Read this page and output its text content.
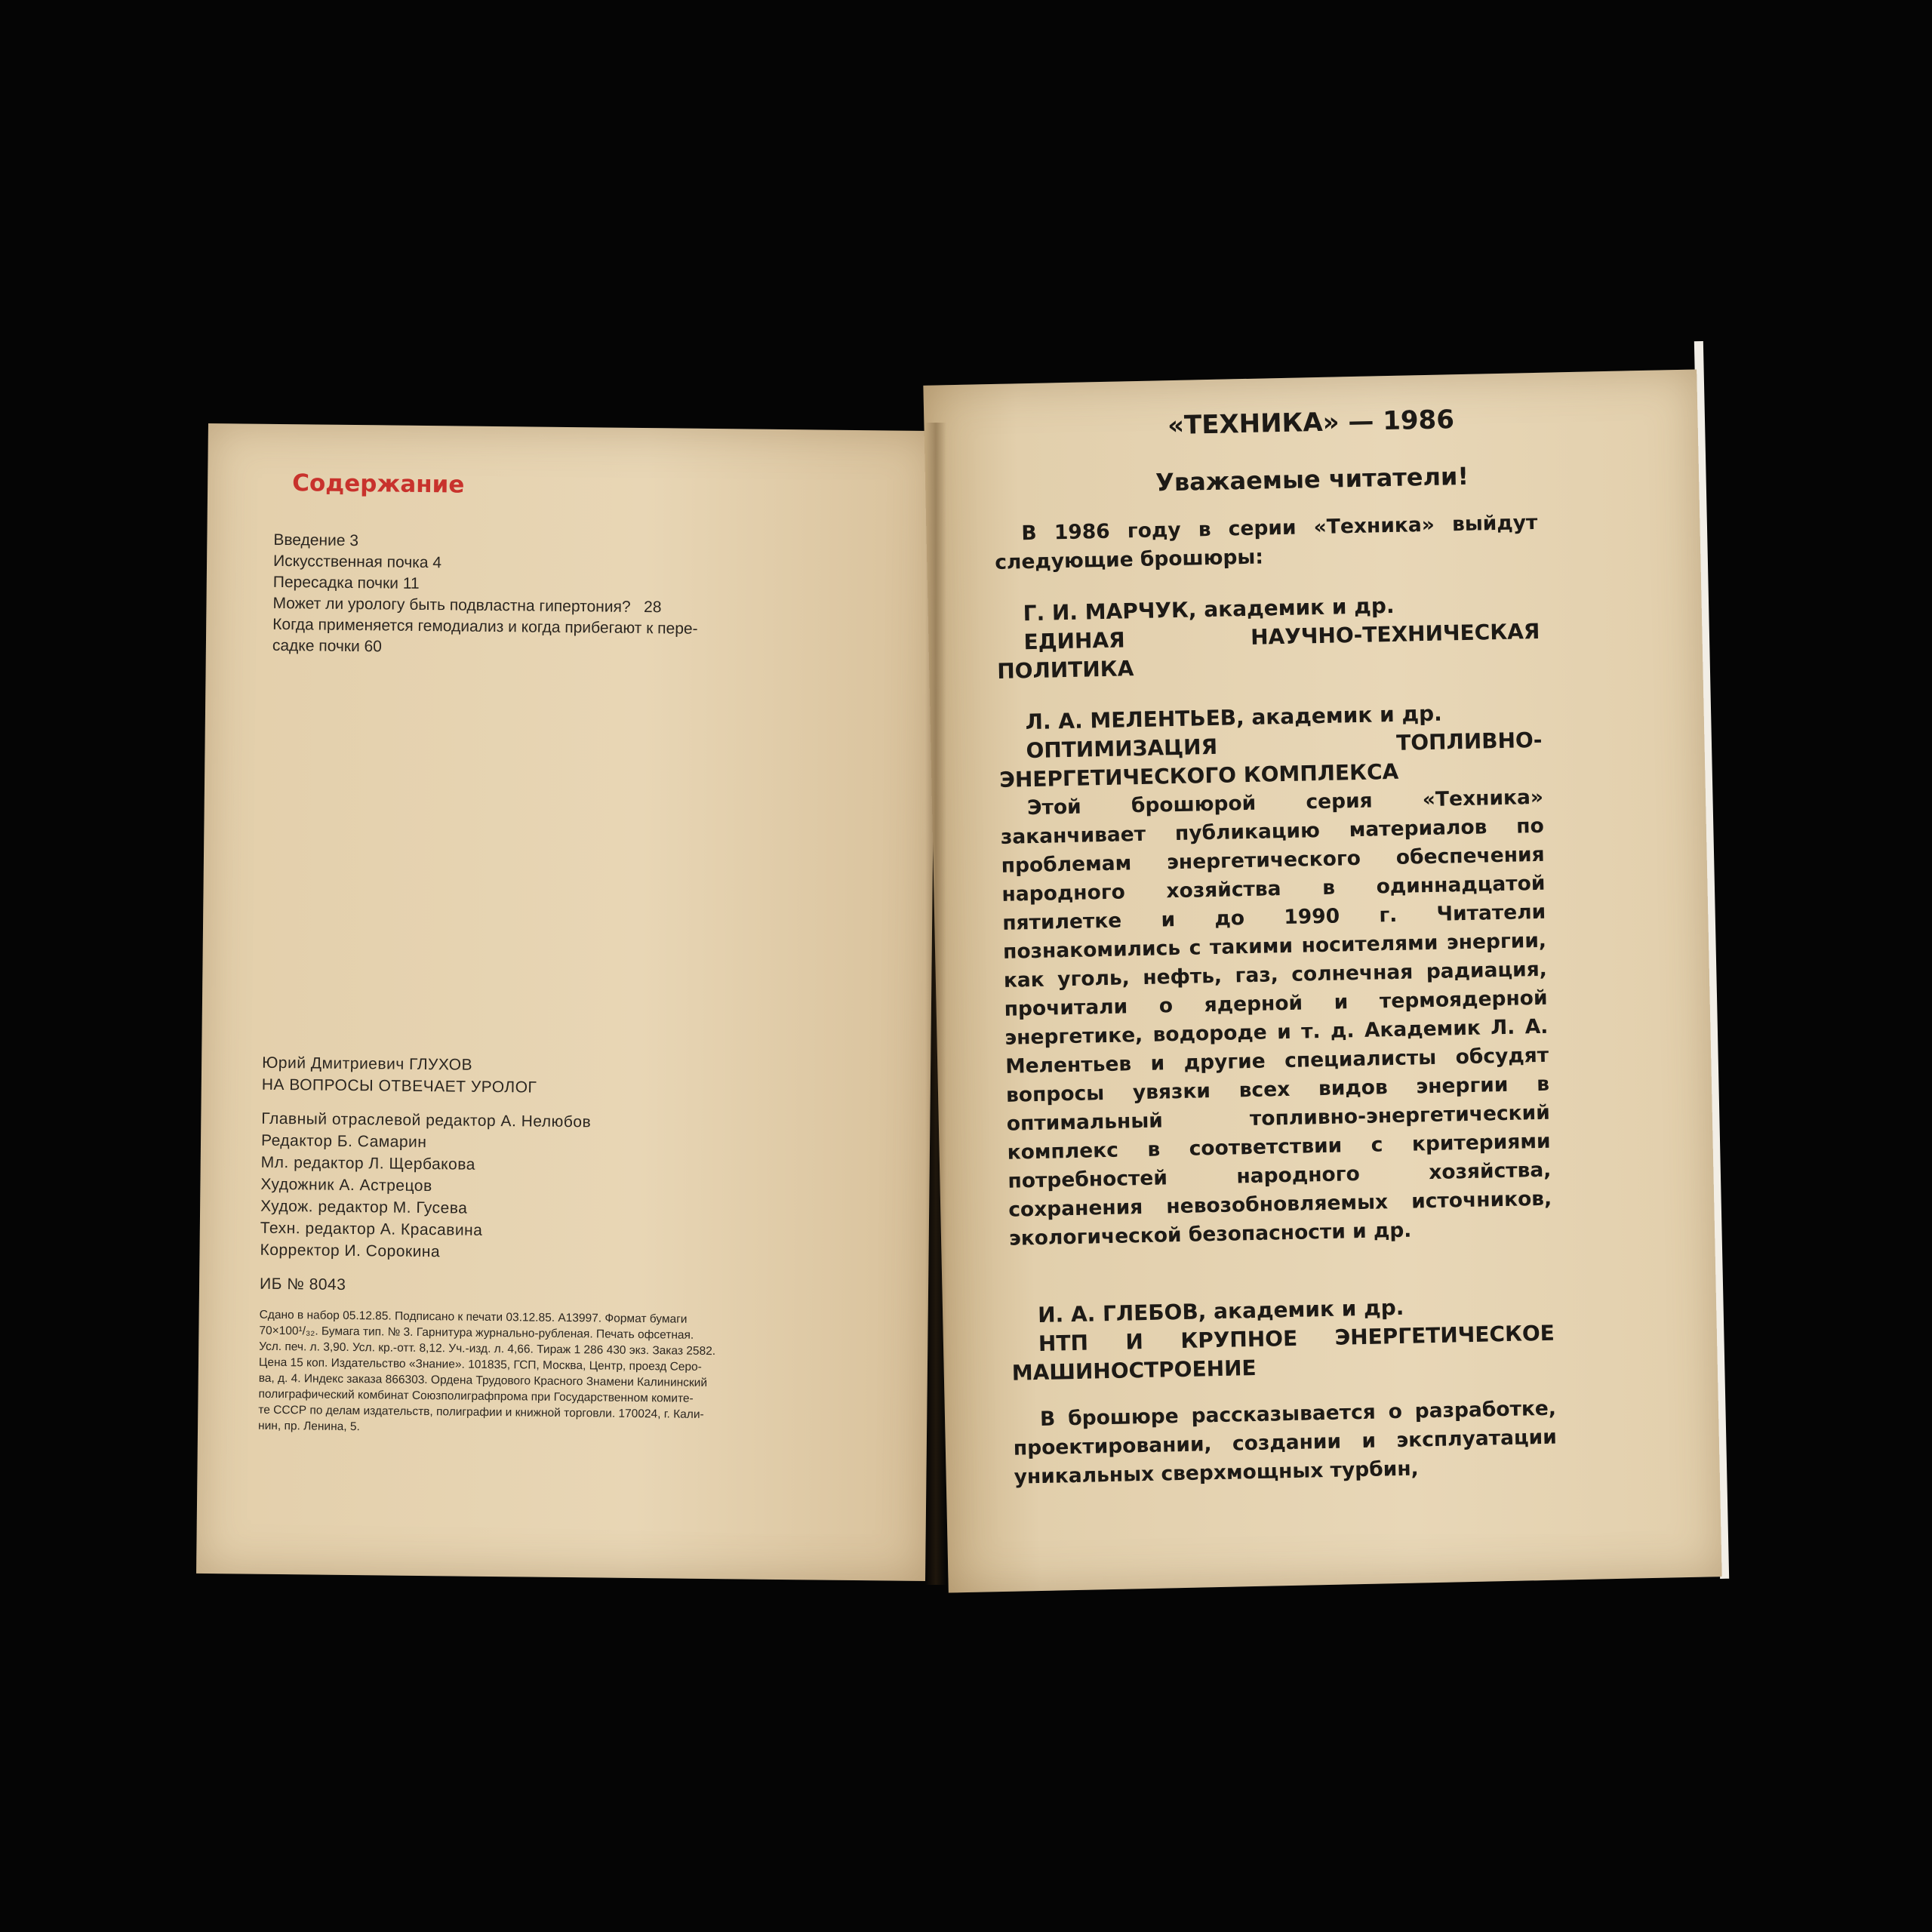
Содержание

Введение 3

Искусственная почка 4

Пересадка почки 11

Может ли урологу быть подвластна гипертония?   28

Когда применяется гемодиализ и когда прибегают к пере-

садке почки 60

Юрий Дмитриевич ГЛУХОВ

НА ВОПРОСЫ ОТВЕЧАЕТ УРОЛОГ

Главный отраслевой редактор А. Нелюбов

Редактор Б. Самарин

Мл. редактор Л. Щербакова

Художник А. Астрецов

Худож. редактор М. Гусева

Техн. редактор А. Красавина

Корректор И. Сорокина

ИБ № 8043

Сдано в набор 05.12.85. Подписано к печати 03.12.85. А13997. Формат бумаги

70×100¹/₃₂. Бумага тип. № 3. Гарнитура журнально-рубленая. Печать офсетная.

Усл. печ. л. 3,90. Усл. кр.-отт. 8,12. Уч.-изд. л. 4,66. Тираж 1 286 430 экз. Заказ 2582.

Цена 15 коп. Издательство «Знание». 101835, ГСП, Москва, Центр, проезд Серо-

ва, д. 4. Индекс заказа 866303. Ордена Трудового Красного Знамени Калининский

полиграфический комбинат Союзполиграфпрома при Государственном комите-

те СССР по делам издательств, полиграфии и книжной торговли. 170024, г. Кали-

нин, пр. Ленина, 5.

«ТЕХНИКА» — 1986
Уважаемые читатели!

В 1986 году в серии «Техника» выйдут следующие брошюры:

Г. И. МАРЧУК, академик и др.

ЕДИНАЯ НАУЧНО-ТЕХНИЧЕСКАЯ ПОЛИТИКА

Л. А. МЕЛЕНТЬЕВ, академик и др.

ОПТИМИЗАЦИЯ ТОПЛИВНО-ЭНЕРГЕТИЧЕСКОГО КОМПЛЕКСА

Этой брошюрой серия «Техника» заканчивает публикацию материалов по проблемам энергетического обеспечения народного хозяйства в одиннадцатой пятилетке и до 1990 г. Читатели познакомились с такими носителями энергии, как уголь, нефть, газ, солнечная радиация, прочитали о ядерной и термоядерной энергетике, водороде и т. д. Академик Л. А. Мелентьев и другие специалисты обсудят вопросы увязки всех видов энергии в оптимальный топливно-энергетический комплекс в соответствии с критериями потребностей народного хозяйства, сохранения невозобновляемых источников, экологической безопасности и др.

И. А. ГЛЕБОВ, академик и др.

НТП И КРУПНОЕ ЭНЕРГЕТИЧЕСКОЕ МАШИНОСТРОЕНИЕ

В брошюре рассказывается о разработке, проектировании, создании и эксплуатации уникальных сверхмощных турбин,
